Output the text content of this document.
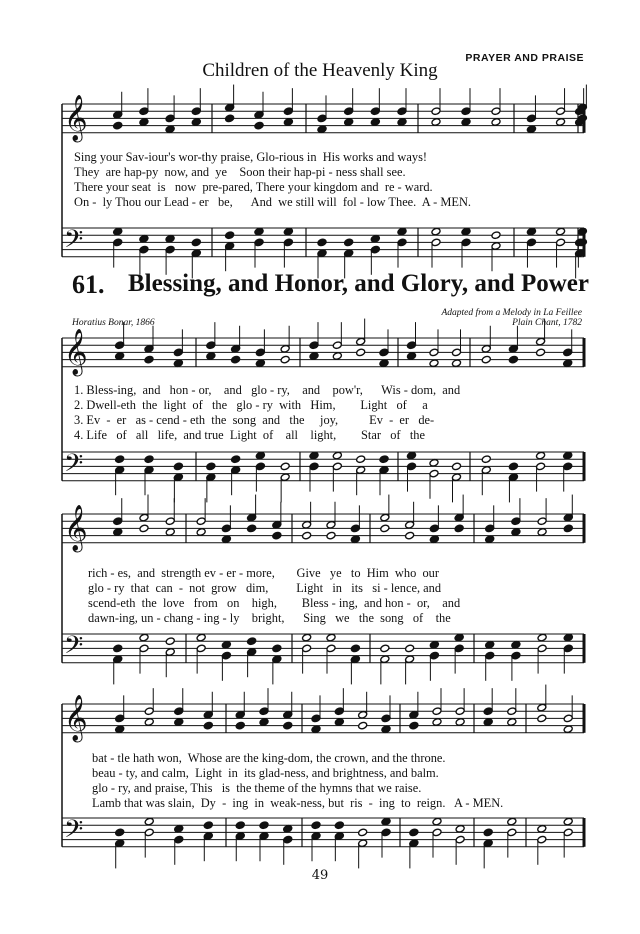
PRAYER AND PRAISE
Children of the Heavenly King
𝄞
𝄢
𝄞
𝄢
𝄞
𝄢
𝄞
𝄢
Sing your Sav-iour's wor-thy praise, Glo-rious in  His works and ways!
They  are hap-py  now, and  ye    Soon their hap-pi - ness shall see.
There your seat  is   now  pre-pared, There your kingdom and  re - ward.
On -  ly Thou our Lead - er   be,      And  we still will  fol - low Thee.  A - MEN.
61. Blessing, and Honor, and Glory, and Power
Adapted from a Melody in La Feillee
Horatius Bonar, 1866	Plain Chant, 1782
1. Bless-ing,  and   hon - or,    and   glo - ry,    and    pow'r,      Wis - dom,  and
2. Dwell-eth  the  light  of   the   glo - ry  with   Him,        Light   of     a
3. Ev  -  er   as - cend - eth  the  song  and   the     joy,          Ev  -  er   de-
4. Life   of   all   life,  and true  Light  of    all    light,        Star   of   the
rich - es,  and  strength ev - er - more,       Give   ye   to  Him  who  our
glo - ry  that  can  -  not  grow   dim,         Light   in   its   si - lence, and
scend-eth  the  love   from   on    high,        Bless - ing,  and hon -  or,    and
dawn-ing, un - chang - ing - ly    bright,      Sing   we   the  song   of    the
bat - tle hath won,  Whose are the king-dom, the crown, and the throne.
beau - ty, and calm,  Light  in  its glad-ness, and brightness, and balm.
glo - ry, and praise, This   is  the theme of the hymns that we raise.
Lamb that was slain,  Dy  -  ing  in  weak-ness, but  ris  -  ing  to  reign.   A - MEN.
49
